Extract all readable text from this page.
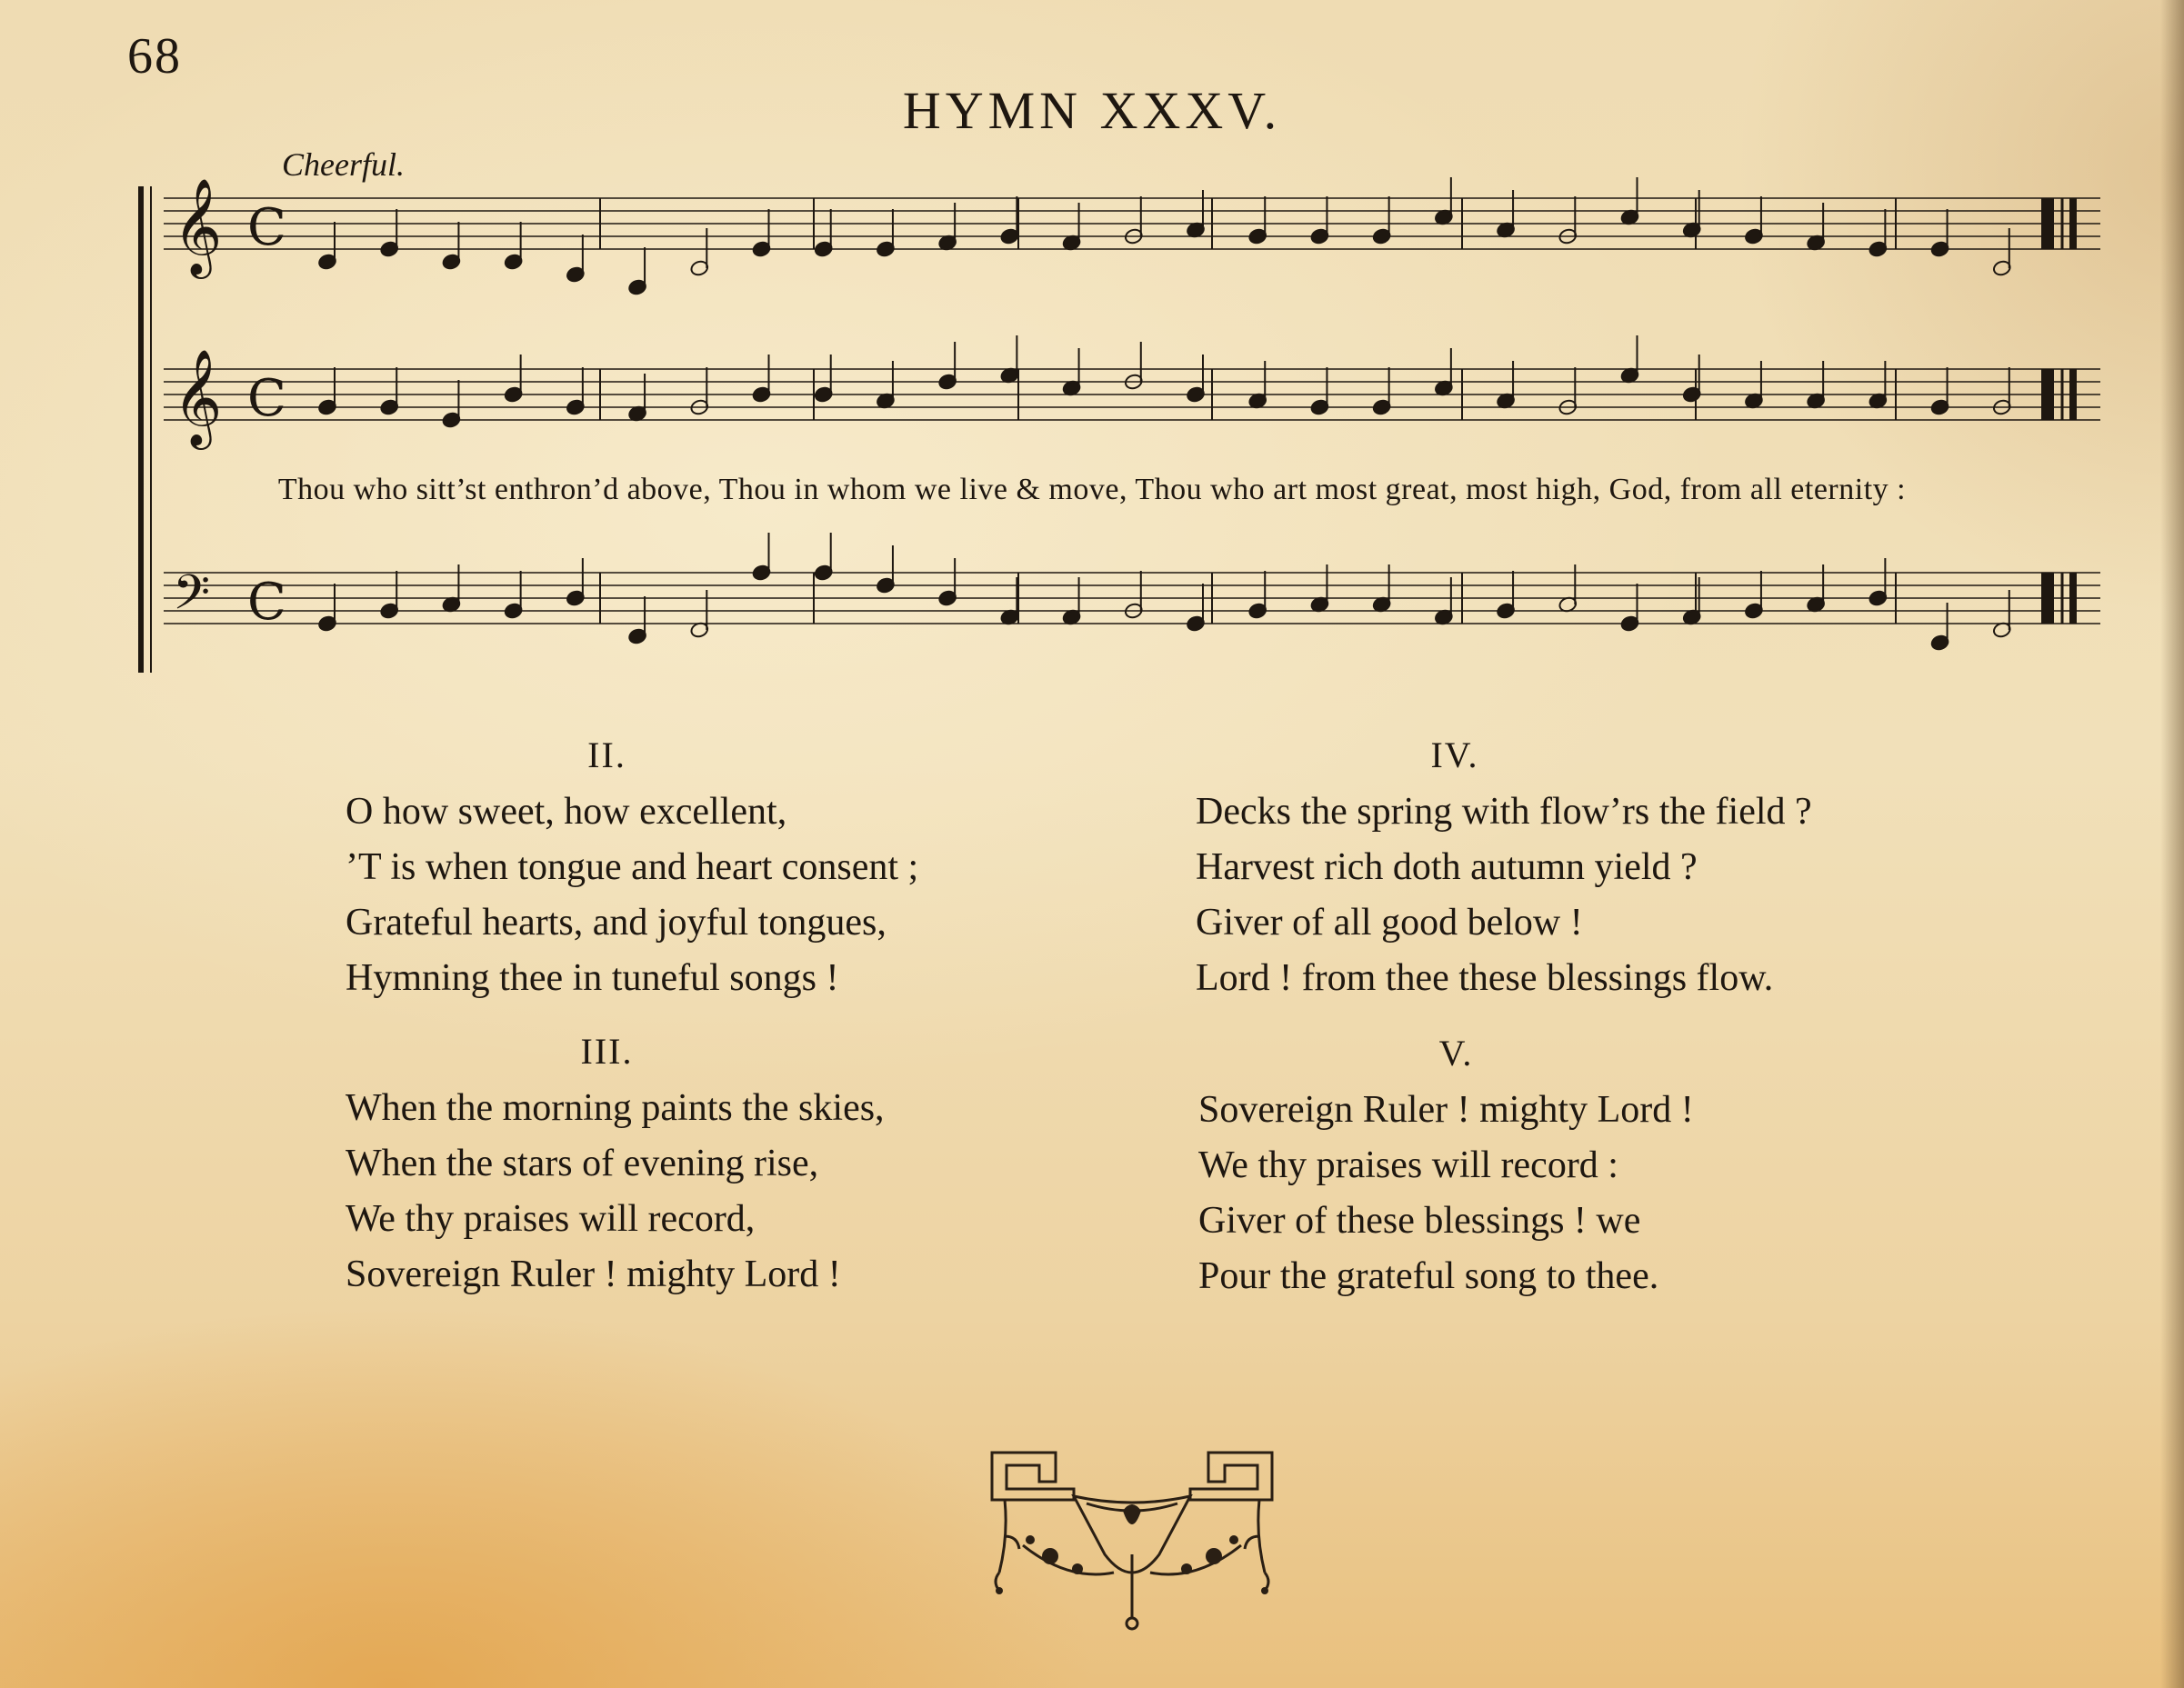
68
HYMN XXXV.
Cheerful.
𝄞 C
𝄞 C
𝄢 C
Thou who sitt’st enthron’d above, Thou in whom we live & move, Thou who art most great, most high, God, from all eternity :
II.
O how sweet, how excellent,
’T is when tongue and heart consent ;
Grateful hearts, and joyful tongues,
Hymning thee in tuneful songs !
III.
When the morning paints the skies,
When the stars of evening rise,
We thy praises will record,
Sovereign Ruler ! mighty Lord !
IV.
Decks the spring with flow’rs the field ?
Harvest rich doth autumn yield ?
Giver of all good below !
Lord ! from thee these blessings flow.
V.
Sovereign Ruler ! mighty Lord !
We thy praises will record :
Giver of these blessings ! we
Pour the grateful song to thee.
